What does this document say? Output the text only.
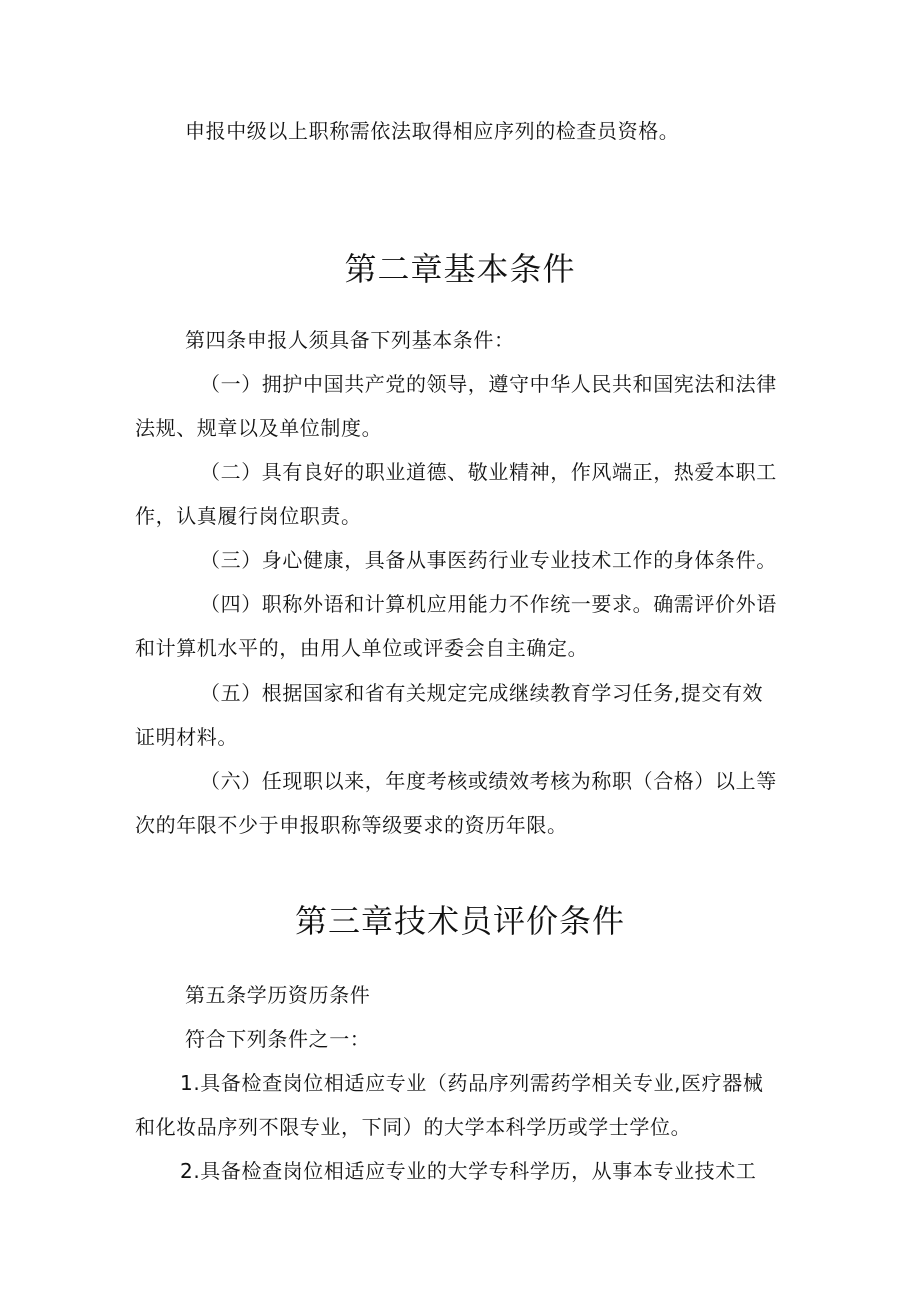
申报中级以上职称需依法取得相应序列的检查员资格。
第二章基本条件
第四条申报人须具备下列基本条件：
（一）拥护中国共产党的领导，遵守中华人民共和国宪法和法律
法规、规章以及单位制度。
（二）具有良好的职业道德、敬业精神，作风端正，热爱本职工
作，认真履行岗位职责。
（三）身心健康，具备从事医药行业专业技术工作的身体条件。
（四）职称外语和计算机应用能力不作统一要求。确需评价外语
和计算机水平的，由用人单位或评委会自主确定。
（五）根据国家和省有关规定完成继续教育学习任务,提交有效
证明材料。
（六）任现职以来，年度考核或绩效考核为称职（合格）以上等
次的年限不少于申报职称等级要求的资历年限。
第三章技术员评价条件
第五条学历资历条件
符合下列条件之一：
1.具备检查岗位相适应专业（药品序列需药学相关专业,医疗器械
和化妆品序列不限专业，下同）的大学本科学历或学士学位。
2.具备检查岗位相适应专业的大学专科学历，从事本专业技术工
